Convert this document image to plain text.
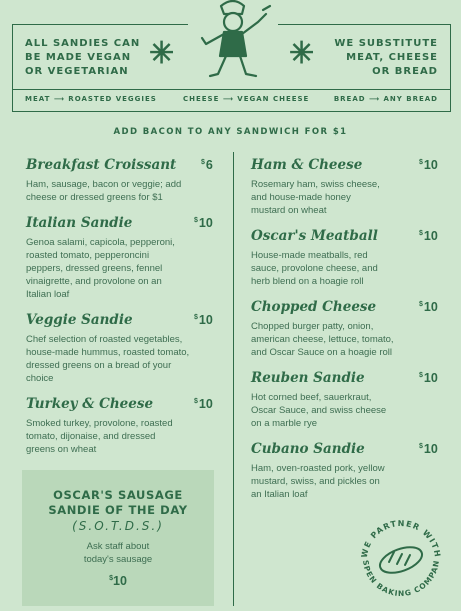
ALL SANDIES CAN
BE MADE VEGAN
OR VEGETARIAN
✳	✳ WE SUBSTITUTE
MEAT, CHEESE
OR BREAD
MEAT ⟶ ROASTED VEGGIES	CHEESE ⟶ VEGAN CHEESE	BREAD ⟶ ANY BREAD
ADD BACON TO ANY SANDWICH FOR $1
Breakfast Croissant
Ham, sausage, bacon or veggie; add cheese or dressed greens for $1
$6
Italian Sandie
Genoa salami, capicola, pepperoni, roasted tomato, pepperoncini peppers, dressed greens, fennel vinaigrette, and provolone on an Italian loaf
$10
Veggie Sandie
Chef selection of roasted vegetables, house-made hummus, roasted tomato, dressed greens on a bread of your choice
$10
Turkey & Cheese
Smoked turkey, provolone, roasted tomato, dijonaise, and dressed greens on wheat
$10
OSCAR'S SAUSAGE
SANDIE OF THE DAY
(S.O.T.D.S.)
Ask staff about today's sausage
$10
Ham & Cheese
Rosemary ham, swiss cheese, and house-made honey mustard on wheat
$10
Oscar's Meatball
House-made meatballs, red sauce, provolone cheese, and herb blend on a hoagie roll
$10
Chopped Cheese
Chopped burger patty, onion, american cheese, lettuce, tomato, and Oscar Sauce on a hoagie roll
$10
Reuben Sandie
Hot corned beef, sauerkraut, Oscar Sauce, and swiss cheese on a marble rye
$10
Cubano Sandie
Ham, oven-roasted pork, yellow mustard, swiss, and pickles on an Italian loaf
$10
WE PARTNER WITH
SPEN BAKING COMPAN
